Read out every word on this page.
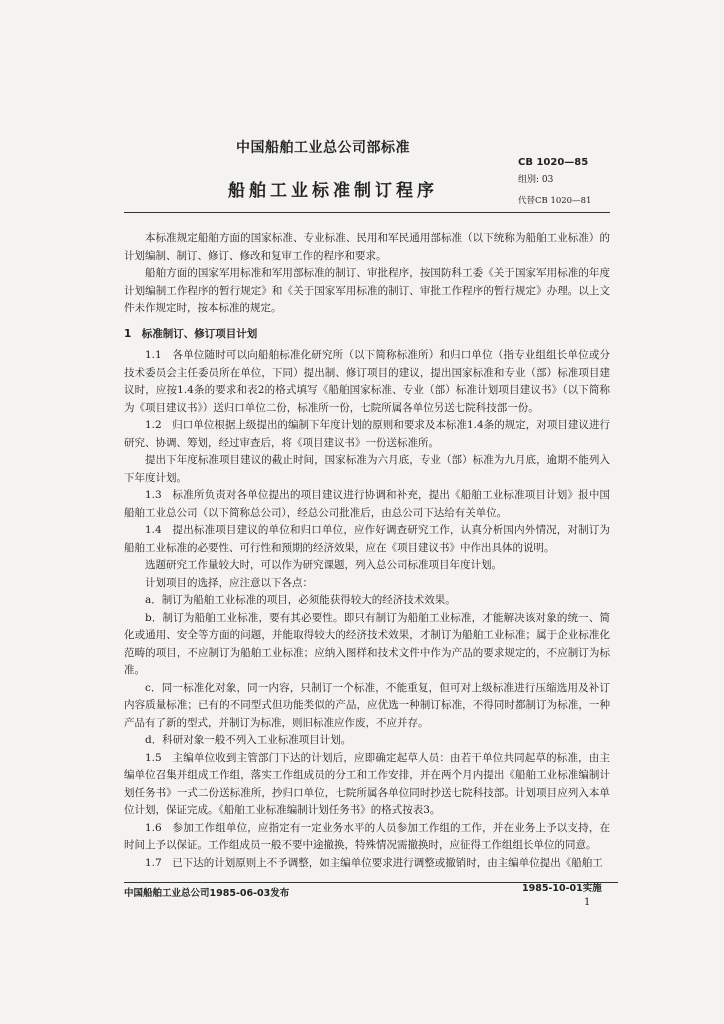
中国船舶工业总公司部标准
CB 1020—85
组别: 03
船舶工业标准制订程序	代替CB 1020—81

本标准规定船舶方面的国家标准、专业标准、民用和军民通用部标准（以下统称为船舶工业标准）的计划编制、制订、修订、修改和复审工作的程序和要求。

船舶方面的国家军用标准和军用部标准的制订、审批程序，按国防科工委《关于国家军用标准的年度计划编制工作程序的暂行规定》和《关于国家军用标准的制订、审批工作程序的暂行规定》办理。以上文件未作规定时，按本标准的规定。

1　标准制订、修订项目计划

1.1　各单位随时可以向船舶标准化研究所（以下简称标准所）和归口单位（指专业组组长单位或分技术委员会主任委员所在单位，下同）提出制、修订项目的建议，提出国家标准和专业（部）标准项目建议时，应按1.4条的要求和表2的格式填写《船舶国家标准、专业（部）标准计划项目建议书》（以下简称为《项目建议书》）送归口单位二份，标准所一份，七院所属各单位另送七院科技部一份。

1.2　归口单位根据上级提出的编制下年度计划的原则和要求及本标准1.4条的规定，对项目建议进行研究、协调、筹划，经过审查后，将《项目建议书》一份送标准所。

提出下年度标准项目建议的截止时间，国家标准为六月底，专业（部）标准为九月底，逾期不能列入下年度计划。

1.3　标准所负责对各单位提出的项目建议进行协调和补充，提出《船舶工业标准项目计划》报中国船舶工业总公司（以下简称总公司），经总公司批准后，由总公司下达给有关单位。

1.4　提出标准项目建议的单位和归口单位，应作好调查研究工作，认真分析国内外情况，对制订为船舶工业标准的必要性、可行性和预期的经济效果，应在《项目建议书》中作出具体的说明。

选题研究工作量较大时，可以作为研究课题，列入总公司标准项目年度计划。

计划项目的选择，应注意以下各点：

a．制订为船舶工业标准的项目，必须能获得较大的经济技术效果。

b．制订为船舶工业标准，要有其必要性。即只有制订为船舶工业标准，才能解决该对象的统一、简化或通用、安全等方面的问题，并能取得较大的经济技术效果，才制订为船舶工业标准；属于企业标准化范畴的项目，不应制订为船舶工业标准；应纳入图样和技术文件中作为产品的要求规定的，不应制订为标准。

c．同一标准化对象，同一内容，只制订一个标准，不能重复，但可对上级标准进行压缩选用及补订内容质量标准；已有的不同型式但功能类似的产品，应优选一种制订标准，不得同时都制订为标准，一种产品有了新的型式，并制订为标准，则旧标准应作废，不应并存。

d．科研对象一般不列入工业标准项目计划。

1.5　主编单位收到主管部门下达的计划后，应即确定起草人员：由若干单位共同起草的标准，由主编单位召集并组成工作组，落实工作组成员的分工和工作安排，并在两个月内提出《船舶工业标准编制计划任务书》一式二份送标准所，抄归口单位，七院所属各单位同时抄送七院科技部。计划项目应列入本单位计划，保证完成。《船舶工业标准编制计划任务书》的格式按表3。

1.6　参加工作组单位，应指定有一定业务水平的人员参加工作组的工作，并在业务上予以支持，在时间上予以保证。工作组成员一般不要中途撤换，特殊情况需撤换时，应征得工作组组长单位的同意。

1.7　已下达的计划原则上不予调整，如主编单位要求进行调整或撤销时，由主编单位提出《船舶工

中国船舶工业总公司1985-06-03发布	1985-10-01实施
1
